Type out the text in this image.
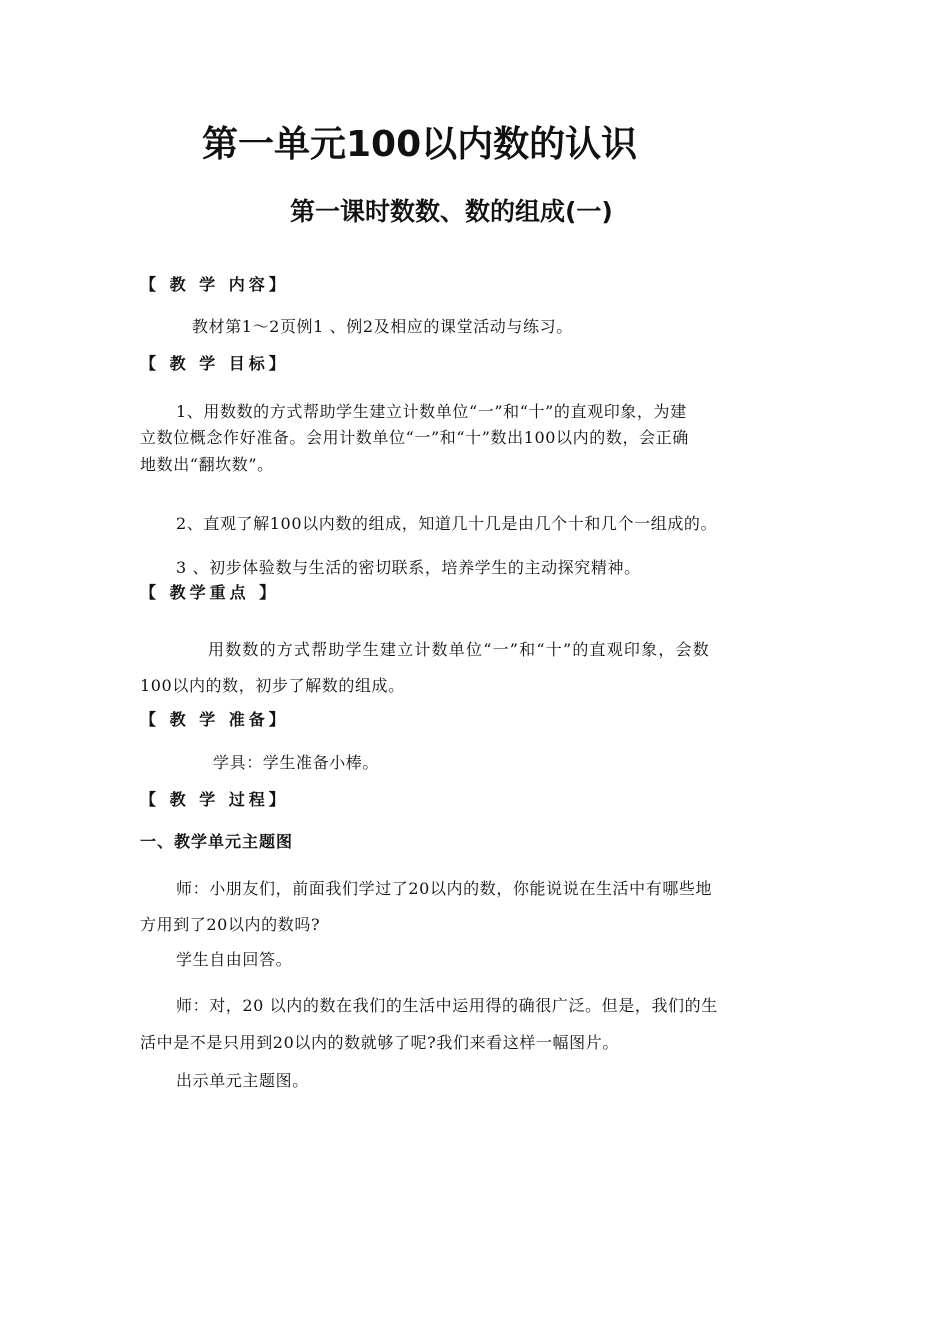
第一单元100以内数的认识
第一课时数数、数的组成(一)
【 教 学 内容】
教材第1～2页例1 、例2及相应的课堂活动与练习。
【 教 学 目标】
1、用数数的方式帮助学生建立计数单位“一”和“十”的直观印象，为建
立数位概念作好准备。会用计数单位“一”和“十”数出100以内的数，会正确
地数出“翻坎数”。
2、直观了解100以内数的组成，知道几十几是由几个十和几个一组成的。
3 、初步体验数与生活的密切联系，培养学生的主动探究精神。
【 教学重点 】
用数数的方式帮助学生建立计数单位“一”和“十”的直观印象，会数
100以内的数，初步了解数的组成。
【 教 学 准备】
学具：学生准备小棒。
【 教 学 过程】
一、教学单元主题图
师：小朋友们，前面我们学过了20以内的数，你能说说在生活中有哪些地
方用到了20以内的数吗?
学生自由回答。
师：对，20 以内的数在我们的生活中运用得的确很广泛。但是，我们的生
活中是不是只用到20以内的数就够了呢?我们来看这样一幅图片。
出示单元主题图。
